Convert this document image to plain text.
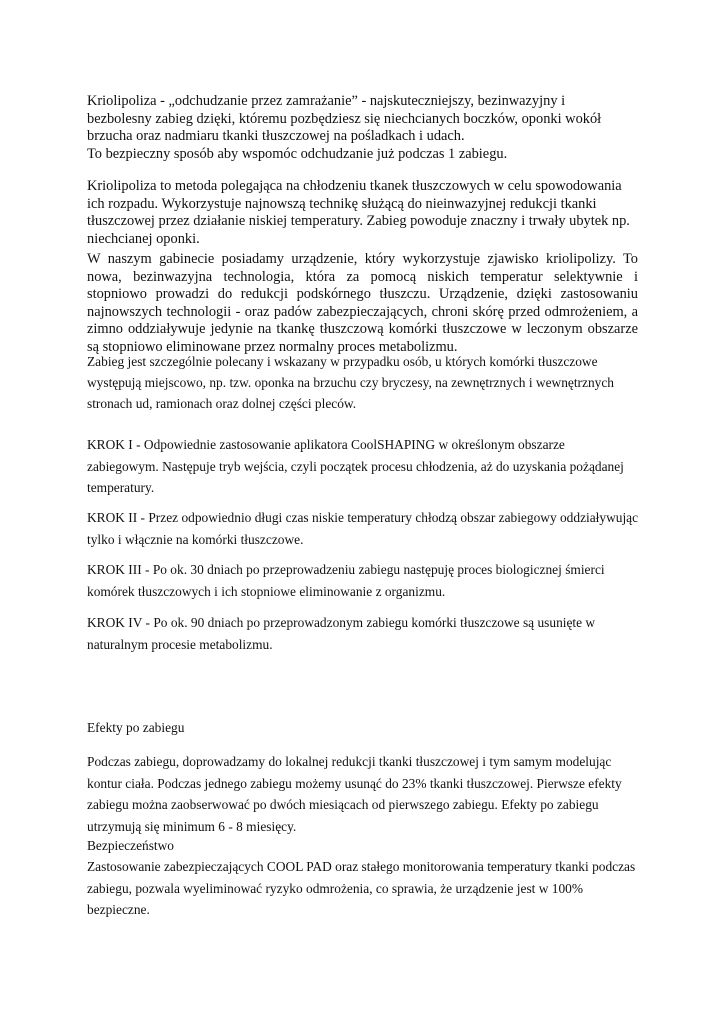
Kriolipoliza - „odchudzanie przez zamrażanie” - najskuteczniejszy, bezinwazyjny i
bezbolesny zabieg dzięki, któremu pozbędziesz się niechcianych boczków, oponki wokół
brzucha oraz nadmiaru tkanki tłuszczowej na pośladkach i udach.
To bezpieczny sposób aby wspomóc odchudzanie już podczas 1 zabiegu.
Kriolipoliza to metoda polegająca na chłodzeniu tkanek tłuszczowych w celu spowodowania
ich rozpadu. Wykorzystuje najnowszą technikę służącą do nieinwazyjnej redukcji tkanki
tłuszczowej przez działanie niskiej temperatury. Zabieg powoduje znaczny i trwały ubytek np.
niechcianej oponki.
W naszym gabinecie posiadamy urządzenie, który wykorzystuje zjawisko kriolipolizy. To
nowa, bezinwazyjna technologia, która za pomocą niskich temperatur selektywnie i
stopniowo prowadzi do redukcji podskórnego tłuszczu. Urządzenie, dzięki zastosowaniu
najnowszych technologii - oraz padów zabezpieczających, chroni skórę przed odmrożeniem, a
zimno oddziaływuje jedynie na tkankę tłuszczową komórki tłuszczowe w leczonym obszarze
są stopniowo eliminowane przez normalny proces metabolizmu.
Zabieg jest szczególnie polecany i wskazany w przypadku osób, u których komórki tłuszczowe
występują miejscowo, np. tzw. oponka na brzuchu czy bryczesy, na zewnętrznych i wewnętrznych
stronach ud, ramionach oraz dolnej części pleców.
KROK I - Odpowiednie zastosowanie aplikatora CoolSHAPING w określonym obszarze
zabiegowym. Następuje tryb wejścia, czyli początek procesu chłodzenia, aż do uzyskania pożądanej
temperatury.
KROK II - Przez odpowiednio długi czas niskie temperatury chłodzą obszar zabiegowy oddziaływując
tylko i włącznie na komórki tłuszczowe.
KROK III - Po ok. 30 dniach po przeprowadzeniu zabiegu następuję proces biologicznej śmierci
komórek tłuszczowych i ich stopniowe eliminowanie z organizmu.
KROK IV - Po ok. 90 dniach po przeprowadzonym zabiegu komórki tłuszczowe są usunięte w
naturalnym procesie metabolizmu.
Efekty po zabiegu
Podczas zabiegu, doprowadzamy do lokalnej redukcji tkanki tłuszczowej i tym samym modelując
kontur ciała. Podczas jednego zabiegu możemy usunąć do 23% tkanki tłuszczowej. Pierwsze efekty
zabiegu można zaobserwować po dwóch miesiącach od pierwszego zabiegu. Efekty po zabiegu
utrzymują się minimum 6 - 8 miesięcy.
Bezpieczeństwo
Zastosowanie zabezpieczających COOL PAD oraz stałego monitorowania temperatury tkanki podczas
zabiegu, pozwala wyeliminować ryzyko odmrożenia, co sprawia, że urządzenie jest w 100%
bezpieczne.
